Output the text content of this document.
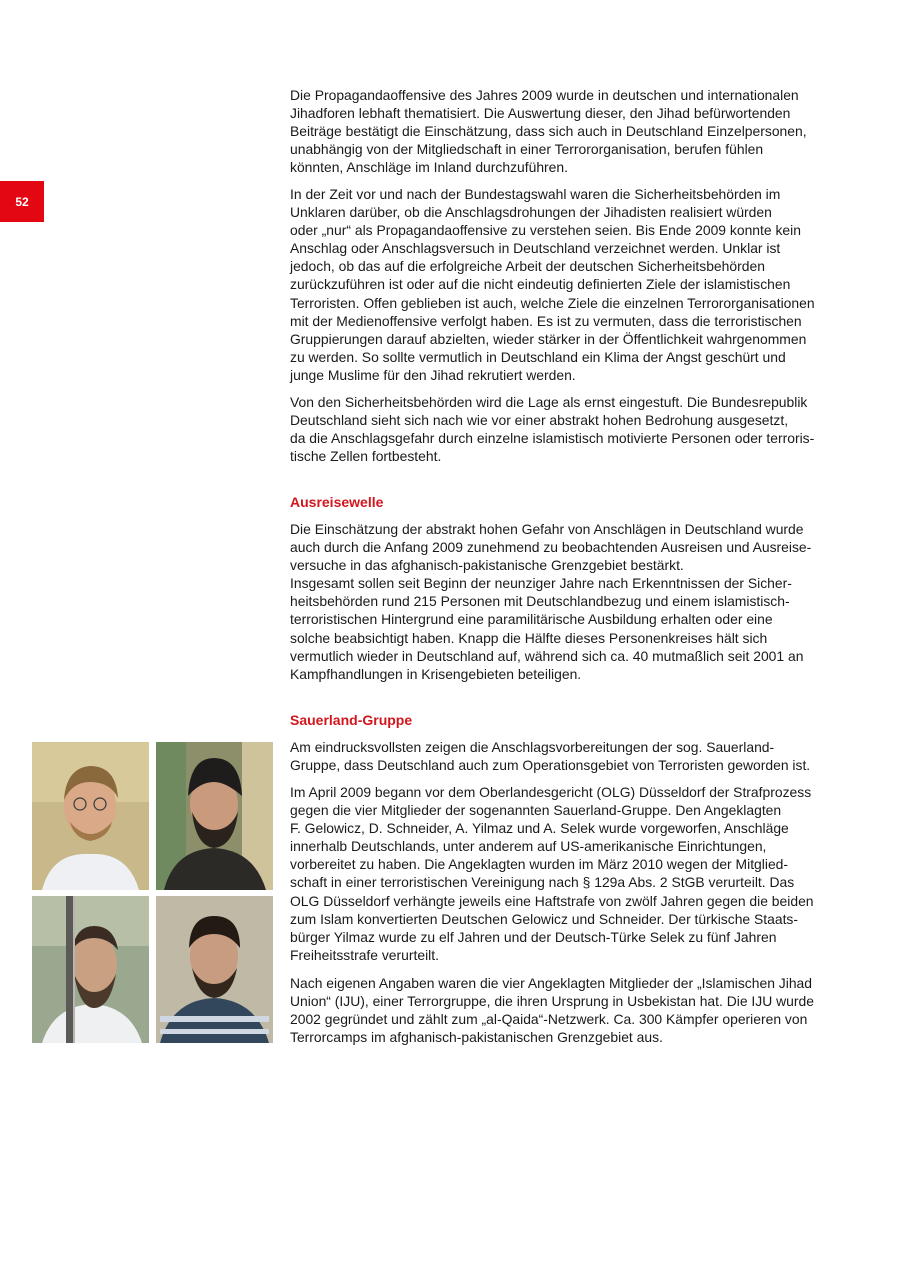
52
Die Propagandaoffensive des Jahres 2009 wurde in deutschen und internationalen
Jihadforen lebhaft thematisiert. Die Auswertung dieser, den Jihad befürwortenden
Beiträge bestätigt die Einschätzung, dass sich auch in Deutschland Einzelpersonen,
unabhängig von der Mitgliedschaft in einer Terrororganisation, berufen fühlen
könnten, Anschläge im Inland durchzuführen.
In der Zeit vor und nach der Bundestagswahl waren die Sicherheitsbehörden im
Unklaren darüber, ob die Anschlagsdrohungen der Jihadisten realisiert würden
oder „nur“ als Propagandaoffensive zu verstehen seien. Bis Ende 2009 konnte kein
Anschlag oder Anschlagsversuch in Deutschland verzeichnet werden. Unklar ist
jedoch, ob das auf die erfolgreiche Arbeit der deutschen Sicherheitsbehörden
zurückzuführen ist oder auf die nicht eindeutig definierten Ziele der islamistischen
Terroristen. Offen geblieben ist auch, welche Ziele die einzelnen Terrororganisationen
mit der Medienoffensive verfolgt haben. Es ist zu vermuten, dass die terroristischen
Gruppierungen darauf abzielten, wieder stärker in der Öffentlichkeit wahrgenommen
zu werden. So sollte vermutlich in Deutschland ein Klima der Angst geschürt und
junge Muslime für den Jihad rekrutiert werden.
Von den Sicherheitsbehörden wird die Lage als ernst eingestuft. Die Bundesrepublik
Deutschland sieht sich nach wie vor einer abstrakt hohen Bedrohung ausgesetzt,
da die Anschlagsgefahr durch einzelne islamistisch motivierte Personen oder terroris-
tische Zellen fortbesteht.
Ausreisewelle
Die Einschätzung der abstrakt hohen Gefahr von Anschlägen in Deutschland wurde
auch durch die Anfang 2009 zunehmend zu beobachtenden Ausreisen und Ausreise-
versuche in das afghanisch-pakistanische Grenzgebiet bestärkt.
Insgesamt sollen seit Beginn der neunziger Jahre nach Erkenntnissen der Sicher-
heitsbehörden rund 215 Personen mit Deutschlandbezug und einem islamistisch-
terroristischen Hintergrund eine paramilitärische Ausbildung erhalten oder eine
solche beabsichtigt haben. Knapp die Hälfte dieses Personenkreises hält sich
vermutlich wieder in Deutschland auf, während sich ca. 40 mutmaßlich seit 2001 an
Kampfhandlungen in Krisengebieten beteiligen.
Sauerland-Gruppe
Am eindrucksvollsten zeigen die Anschlagsvorbereitungen der sog. Sauerland-
Gruppe, dass Deutschland auch zum Operationsgebiet von Terroristen geworden ist.
Im April 2009 begann vor dem Oberlandesgericht (OLG) Düsseldorf der Strafprozess
gegen die vier Mitglieder der sogenannten Sauerland-Gruppe. Den Angeklagten
F. Gelowicz, D. Schneider, A. Yilmaz und A. Selek wurde vorgeworfen, Anschläge
innerhalb Deutschlands, unter anderem auf US-amerikanische Einrichtungen,
vorbereitet zu haben. Die Angeklagten wurden im März 2010 wegen der Mitglied-
schaft in einer terroristischen Vereinigung nach § 129a Abs. 2 StGB verurteilt. Das
OLG Düsseldorf verhängte jeweils eine Haftstrafe von zwölf Jahren gegen die beiden
zum Islam konvertierten Deutschen Gelowicz und Schneider. Der türkische Staats-
bürger Yilmaz wurde zu elf Jahren und der Deutsch-Türke Selek zu fünf Jahren
Freiheitsstrafe verurteilt.
Nach eigenen Angaben waren die vier Angeklagten Mitglieder der „Islamischen Jihad
Union“ (IJU), einer Terrorgruppe, die ihren Ursprung in Usbekistan hat. Die IJU wurde
2002 gegründet und zählt zum „al-Qaida“-Netzwerk. Ca. 300 Kämpfer operieren von
Terrorcamps im afghanisch-pakistanischen Grenzgebiet aus.
